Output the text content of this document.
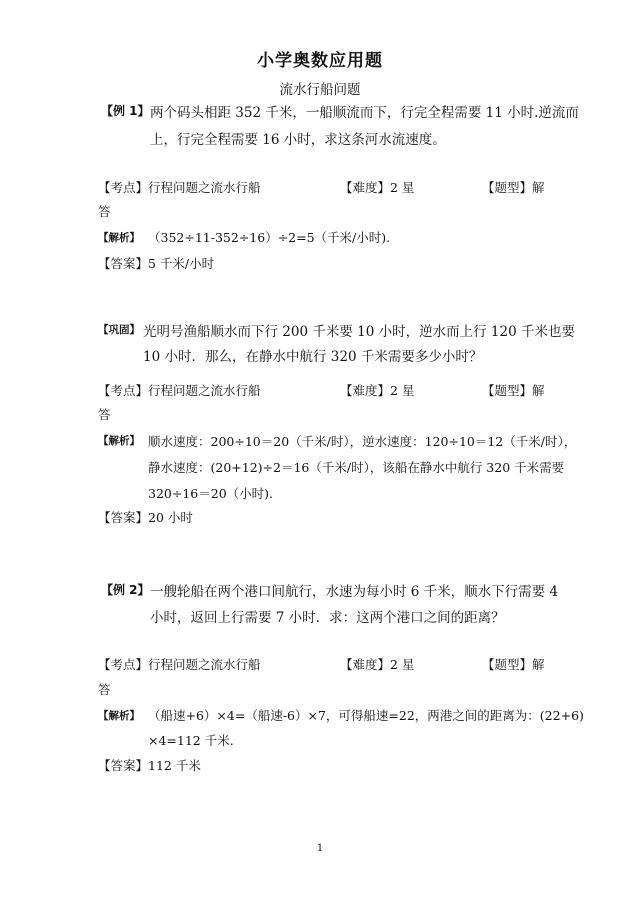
小学奥数应用题
流水行船问题
【例 1】 两个码头相距 352 千米，一船顺流而下，行完全程需要 11 小时.逆流而
上，行完全程需要 16 小时，求这条河水流速度。
【考点】行程问题之流水行船	【难度】2 星	【题型】解
答
【解析】 （352÷11-352÷16）÷2=5（千米/小时).
【答案】 5 千米/小时
【巩固】 光明号渔船顺水而下行 200 千米要 10 小时，逆水而上行 120 千米也要
10 小时．那么，在静水中航行 320 千米需要多少小时？
【考点】行程问题之流水行船	【难度】2 星	【题型】解
答
【解析】 顺水速度：200÷10＝20（千米/时），逆水速度：120÷10＝12（千米/时），
静水速度：(20+12)÷2＝16（千米/时），该船在静水中航行 320 千米需要
320÷16＝20（小时).
【答案】 20 小时
【例 2】 一艘轮船在两个港口间航行，水速为每小时 6 千米，顺水下行需要 4
小时，返回上行需要 7 小时．求：这两个港口之间的距离？
【考点】行程问题之流水行船	【难度】2 星	【题型】解
答
【解析】 （船速+6）×4=（船速-6）×7，可得船速=22，两港之间的距离为：(22+6)
×4=112 千米.
【答案】 112 千米
1
